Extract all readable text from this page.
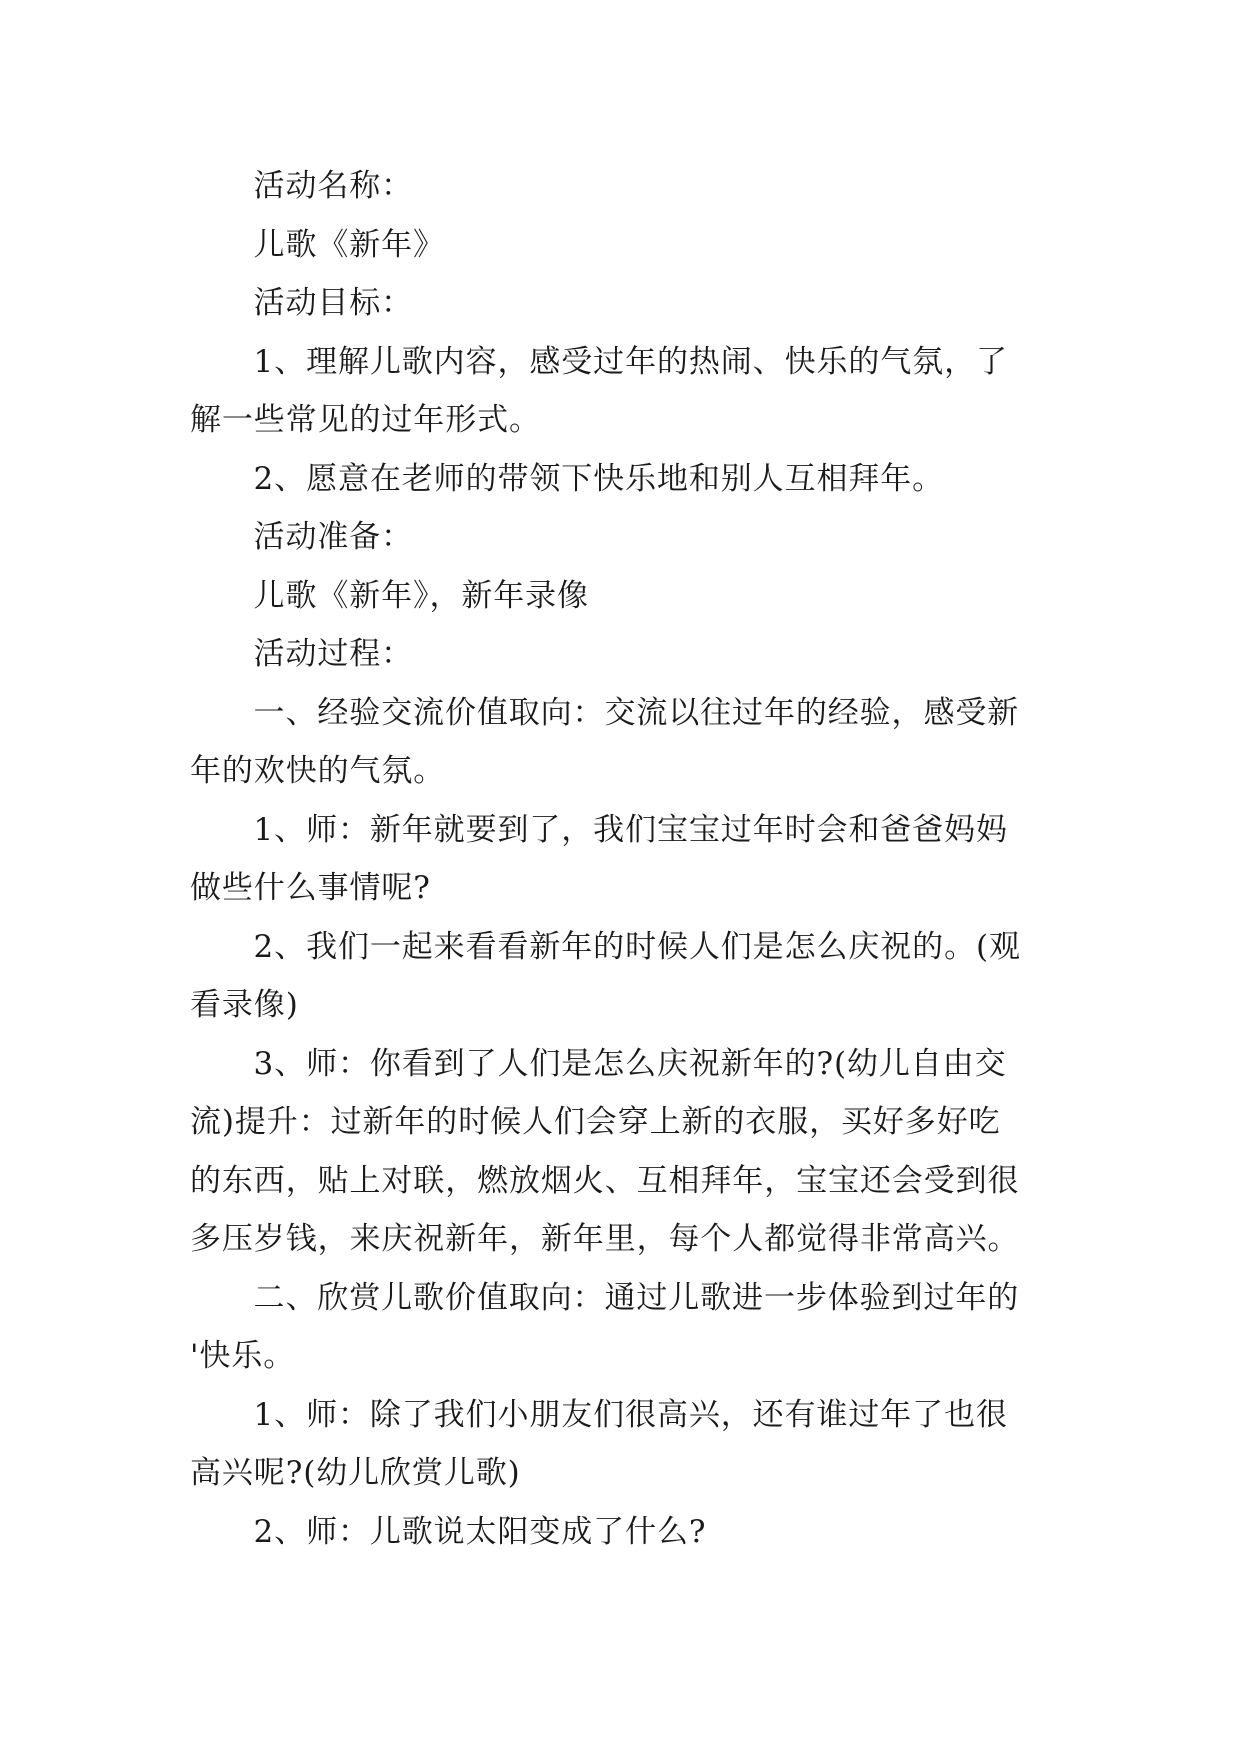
活动名称：

儿歌《新年》

活动目标：

1、理解儿歌内容，感受过年的热闹、快乐的气氛，了
解一些常见的过年形式。

2、愿意在老师的带领下快乐地和别人互相拜年。

活动准备：

儿歌《新年》，新年录像

活动过程：

一、经验交流价值取向：交流以往过年的经验，感受新
年的欢快的气氛。

1、师：新年就要到了，我们宝宝过年时会和爸爸妈妈
做些什么事情呢?

2、我们一起来看看新年的时候人们是怎么庆祝的。(观
看录像)

3、师：你看到了人们是怎么庆祝新年的?(幼儿自由交
流)提升：过新年的时候人们会穿上新的衣服，买好多好吃
的东西，贴上对联，燃放烟火、互相拜年，宝宝还会受到很
多压岁钱，来庆祝新年，新年里，每个人都觉得非常高兴。

二、欣赏儿歌价值取向：通过儿歌进一步体验到过年的
'快乐。

1、师：除了我们小朋友们很高兴，还有谁过年了也很
高兴呢?(幼儿欣赏儿歌)

2、师：儿歌说太阳变成了什么?
